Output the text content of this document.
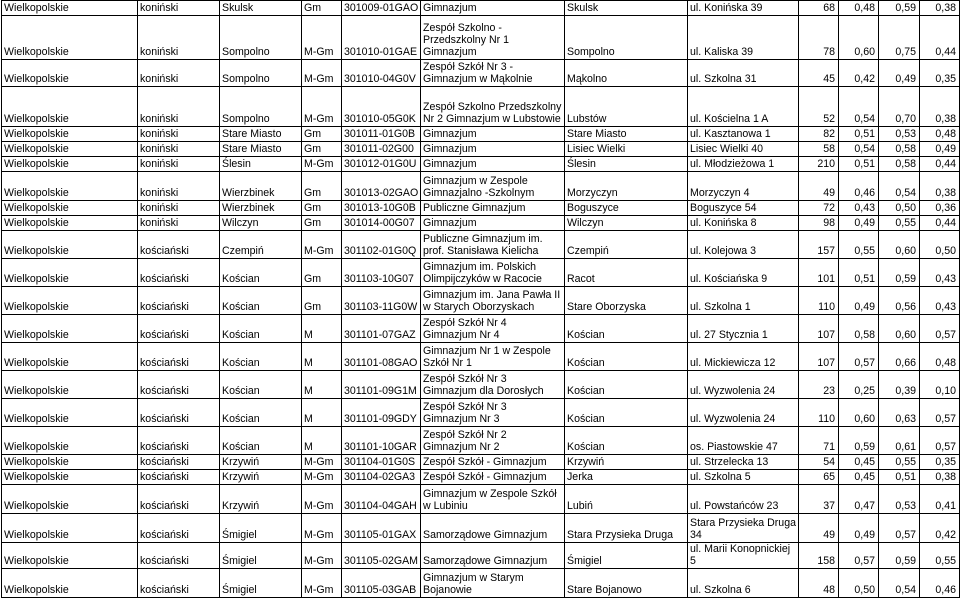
Wielkopolskie	koniński	Skulsk	Gm	301009-01GAO	Gimnazjum	Skulsk	ul. Konińska 39	68	0,48	0,59	0,38
Wielkopolskie	koniński	Sompolno	M-Gm	301010-01GAE	Zespół Szkolno - Przedszkolny Nr 1 Gimnazjum	Sompolno	ul. Kaliska 39	78	0,60	0,75	0,44
Wielkopolskie	koniński	Sompolno	M-Gm	301010-04G0V	Zespół Szkół Nr 3 - Gimnazjum w Mąkolnie	Mąkolno	ul. Szkolna 31	45	0,42	0,49	0,35
Wielkopolskie	koniński	Sompolno	M-Gm	301010-05G0K	Zespół Szkolno Przedszkolny Nr 2 Gimnazjum w Lubstowie	Lubstów	ul. Kościelna 1 A	52	0,54	0,70	0,38
Wielkopolskie	koniński	Stare Miasto	Gm	301011-01G0B	Gimnazjum	Stare Miasto	ul. Kasztanowa 1	82	0,51	0,53	0,48
Wielkopolskie	koniński	Stare Miasto	Gm	301011-02G00	Gimnazjum	Lisiec Wielki	Lisiec Wielki 40	58	0,54	0,58	0,49
Wielkopolskie	koniński	Ślesin	M-Gm	301012-01G0U	Gimnazjum	Ślesin	ul. Młodzieżowa 1	210	0,51	0,58	0,44
Wielkopolskie	koniński	Wierzbinek	Gm	301013-02GAO	Gimnazjum w Zespole Gimnazjalno -Szkolnym	Morzyczyn	Morzyczyn 4	49	0,46	0,54	0,38
Wielkopolskie	koniński	Wierzbinek	Gm	301013-10G0B	Publiczne Gimnazjum	Boguszyce	Boguszyce 54	72	0,43	0,50	0,36
Wielkopolskie	koniński	Wilczyn	Gm	301014-00G07	Gimnazjum	Wilczyn	ul. Konińska 8	98	0,49	0,55	0,44
Wielkopolskie	kościański	Czempiń	M-Gm	301102-01G0Q	Publiczne Gimnazjum im. prof. Stanisława Kielicha	Czempiń	ul. Kolejowa 3	157	0,55	0,60	0,50
Wielkopolskie	kościański	Kościan	Gm	301103-10G07	Gimnazjum im. Polskich Olimpijczyków w Racocie	Racot	ul. Kościańska 9	101	0,51	0,59	0,43
Wielkopolskie	kościański	Kościan	Gm	301103-11G0W	Gimnazjum im. Jana Pawła II w Starych Oborzyskach	Stare Oborzyska	ul. Szkolna 1	110	0,49	0,56	0,43
Wielkopolskie	kościański	Kościan	M	301101-07GAZ	Zespół Szkół Nr 4 Gimnazjum Nr 4	Kościan	ul. 27 Stycznia 1	107	0,58	0,60	0,57
Wielkopolskie	kościański	Kościan	M	301101-08GAO	Gimnazjum Nr 1 w Zespole Szkół Nr 1	Kościan	ul. Mickiewicza 12	107	0,57	0,66	0,48
Wielkopolskie	kościański	Kościan	M	301101-09G1M	Zespół Szkół Nr 3 Gimnazjum dla Dorosłych	Kościan	ul. Wyzwolenia 24	23	0,25	0,39	0,10
Wielkopolskie	kościański	Kościan	M	301101-09GDY	Zespół Szkół Nr 3 Gimnazjum Nr 3	Kościan	ul. Wyzwolenia 24	110	0,60	0,63	0,57
Wielkopolskie	kościański	Kościan	M	301101-10GAR	Zespół Szkół Nr 2 Gimnazjum Nr 2	Kościan	os. Piastowskie 47	71	0,59	0,61	0,57
Wielkopolskie	kościański	Krzywiń	M-Gm	301104-01G0S	Zespół Szkół - Gimnazjum	Krzywiń	ul. Strzelecka 13	54	0,45	0,55	0,35
Wielkopolskie	kościański	Krzywiń	M-Gm	301104-02GA3	Zespół Szkół - Gimnazjum	Jerka	ul. Szkolna 5	65	0,45	0,51	0,38
Wielkopolskie	kościański	Krzywiń	M-Gm	301104-04GAH	Gimnazjum w Zespole Szkół w Lubiniu	Lubiń	ul. Powstańców 23	37	0,47	0,53	0,41
Wielkopolskie	kościański	Śmigiel	M-Gm	301105-01GAX	Samorządowe Gimnazjum	Stara Przysieka Druga	Stara Przysieka Druga 34	49	0,49	0,57	0,42
Wielkopolskie	kościański	Śmigiel	M-Gm	301105-02GAM	Samorządowe Gimnazjum	Śmigiel	ul. Marii Konopnickiej 5	158	0,57	0,59	0,55
Wielkopolskie	kościański	Śmigiel	M-Gm	301105-03GAB	Gimnazjum w Starym Bojanowie	Stare Bojanowo	ul. Szkolna 6	48	0,50	0,54	0,46
